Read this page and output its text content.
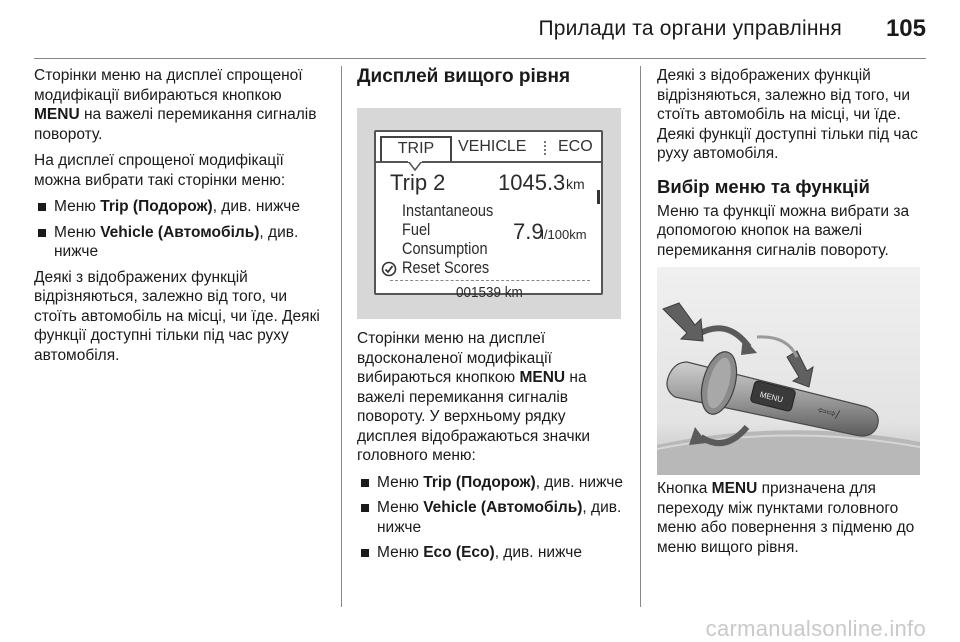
Прилади та органи управління 105

Сторінки меню на дисплеї спрощеної модифікації вибираються кнопкою MENU на важелі перемикання сигналів повороту.

На дисплеї спрощеної модифікації можна вибрати такі сторінки меню:

Меню Trip (Подорож), див. нижче
Меню Vehicle (Автомобіль), див. нижче

Деякі з відображених функцій відрізняються, залежно від того, чи стоїть автомобіль на місці, чи їде. Деякі функції доступні тільки під час руху автомобіля.

Дисплей вищого рівня

Сторінки меню на дисплеї вдосконаленої модифікації вибираються кнопкою MENU на важелі перемикання сигналів повороту. У верхньому рядку дисплея відображаються значки головного меню:

Меню Trip (Подорож), див. нижче
Меню Vehicle (Автомобіль), див. нижче
Меню Eco (Eco), див. нижче
TRIP	VEHICLE ECO
Trip 2 1045.3 km
Instantaneous
Fuel
Consumption
7.9
l/100km
Reset Scores
001539 km

Деякі з відображених функцій відрізняються, залежно від того, чи стоїть автомобіль на місці, чи їде. Деякі функції доступні тільки під час руху автомобіля.

Вибір меню та функцій

Меню та функції можна вибрати за допомогою кнопок на важелі перемикання сигналів повороту.

Кнопка MENU призначена для переходу між пунктами головного меню або повернення з підменю до меню вищого рівня.

MENU
⇦⇨/
carmanualsonline.info
